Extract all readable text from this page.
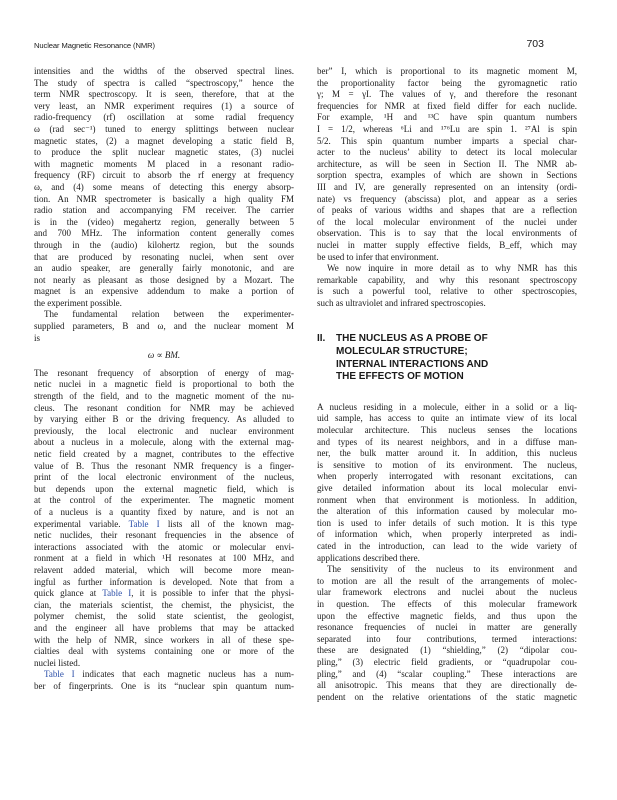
Nuclear Magnetic Resonance (NMR)	703
intensities and the widths of the observed spectral lines.
The study of spectra is called “spectroscopy,” hence the
term NMR spectroscopy. It is seen, therefore, that at the
very least, an NMR experiment requires (1) a source of
radio-frequency (rf) oscillation at some radial frequency
ω (rad sec⁻¹) tuned to energy splittings between nuclear
magnetic states, (2) a magnet developing a static field B,
to produce the split nuclear magnetic states, (3) nuclei
with magnetic moments M placed in a resonant radio-
frequency (RF) circuit to absorb the rf energy at frequency
ω, and (4) some means of detecting this energy absorp-
tion. An NMR spectrometer is basically a high quality FM
radio station and accompanying FM receiver. The carrier
is in the (video) megahertz region, generally between 5
and 700 MHz. The information content generally comes
through in the (audio) kilohertz region, but the sounds
that are produced by resonating nuclei, when sent over
an audio speaker, are generally fairly monotonic, and are
not nearly as pleasant as those designed by a Mozart. The
magnet is an expensive addendum to make a portion of
the experiment possible.
The fundamental relation between the experimenter-
supplied parameters, B and ω, and the nuclear moment M
is
ω ∝ BM.
The resonant frequency of absorption of energy of mag-
netic nuclei in a magnetic field is proportional to both the
strength of the field, and to the magnetic moment of the nu-
cleus. The resonant condition for NMR may be achieved
by varying either B or the driving frequency. As alluded to
previously, the local electronic and nuclear environment
about a nucleus in a molecule, along with the external mag-
netic field created by a magnet, contributes to the effective
value of B. Thus the resonant NMR frequency is a finger-
print of the local electronic environment of the nucleus,
but depends upon the external magnetic field, which is
at the control of the experimenter. The magnetic moment
of a nucleus is a quantity fixed by nature, and is not an
experimental variable. Table I lists all of the known mag-
netic nuclides, their resonant frequencies in the absence of
interactions associated with the atomic or molecular envi-
ronment at a field in which ¹H resonates at 100 MHz, and
relavent added material, which will become more mean-
ingful as further information is developed. Note that from a
quick glance at Table I, it is possible to infer that the physi-
cian, the materials scientist, the chemist, the physicist, the
polymer chemist, the solid state scientist, the geologist,
and the engineer all have problems that may be attacked
with the help of NMR, since workers in all of these spe-
cialties deal with systems containing one or more of the
nuclei listed.
Table I indicates that each magnetic nucleus has a num-
ber of fingerprints. One is its “nuclear spin quantum num-
ber” I, which is proportional to its magnetic moment M,
the proportionality factor being the gyromagnetic ratio
γ; M = γI. The values of γ, and therefore the resonant
frequencies for NMR at fixed field differ for each nuclide.
For example, ¹H and ¹³C have spin quantum numbers
I = 1/2, whereas ⁶Li and ¹⁷⁶Lu are spin 1. ²⁷Al is spin
5/2. This spin quantum number imparts a special char-
acter to the nucleus’ ability to detect its local molecular
architecture, as will be seen in Section II. The NMR ab-
sorption spectra, examples of which are shown in Sections
III and IV, are generally represented on an intensity (ordi-
nate) vs frequency (abscissa) plot, and appear as a series
of peaks of various widths and shapes that are a reflection
of the local molecular environment of the nuclei under
observation. This is to say that the local environments of
nuclei in matter supply effective fields, B_eff, which may
be used to infer that environment.
We now inquire in more detail as to why NMR has this
remarkable capability, and why this resonant spectroscopy
is such a powerful tool, relative to other spectroscopies,
such as ultraviolet and infrared spectroscopies.
II. THE NUCLEUS AS A PROBE OF
MOLECULAR STRUCTURE;
INTERNAL INTERACTIONS AND
THE EFFECTS OF MOTION
A nucleus residing in a molecule, either in a solid or a liq-
uid sample, has access to quite an intimate view of its local
molecular architecture. This nucleus senses the locations
and types of its nearest neighbors, and in a diffuse man-
ner, the bulk matter around it. In addition, this nucleus
is sensitive to motion of its environment. The nucleus,
when properly interrogated with resonant excitations, can
give detailed information about its local molecular envi-
ronment when that environment is motionless. In addition,
the alteration of this information caused by molecular mo-
tion is used to infer details of such motion. It is this type
of information which, when properly interpreted as indi-
cated in the introduction, can lead to the wide variety of
applications described there.
The sensitivity of the nucleus to its environment and
to motion are all the result of the arrangements of molec-
ular framework electrons and nuclei about the nucleus
in question. The effects of this molecular framework
upon the effective magnetic fields, and thus upon the
resonance frequencies of nuclei in matter are generally
separated into four contributions, termed interactions:
these are designated (1) “shielding,” (2) “dipolar cou-
pling,” (3) electric field gradients, or “quadrupolar cou-
pling,” and (4) “scalar coupling.” These interactions are
all anisotropic. This means that they are directionally de-
pendent on the relative orientations of the static magnetic
